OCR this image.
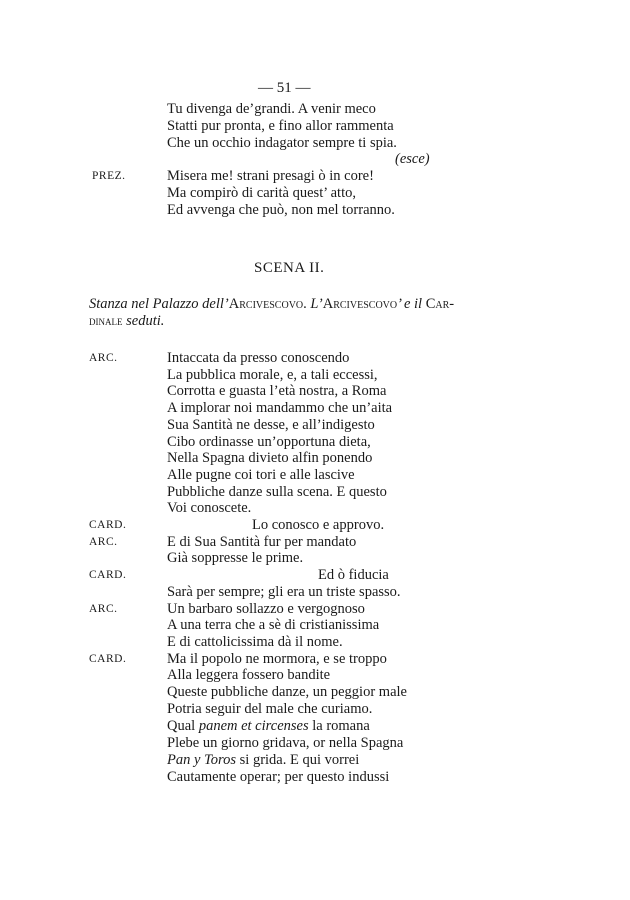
— 51 —
Tu divenga de’grandi. A venir meco
Statti pur pronta, e fino allor rammenta
Che un occhio indagator sempre ti spia.
(esce)
PREZ.	Misera me! strani presagi ò in core!
Ma compirò di carità quest’ atto,
Ed avvenga che può, non mel torranno.
SCENA II.
Stanza nel Palazzo dell’Arcivescovo. L’Arcivescovo’ e il Car-
dinale seduti.
ARC.	Intaccata da presso conoscendo
La pubblica morale, e, a tali eccessi,
Corrotta e guasta l’età nostra, a Roma
A implorar noi mandammo che un’aita
Sua Santità ne desse, e all’indigesto
Cibo ordinasse un’opportuna dieta,
Nella Spagna divieto alfin ponendo
Alle pugne coi tori e alle lascive
Pubbliche danze sulla scena. E questo
Voi conoscete.
CARD.	Lo conosco e approvo.
ARC.	E di Sua Santità fur per mandato
Già soppresse le prime.
CARD.	Ed ò fiducia
Sarà per sempre; gli era un triste spasso.
ARC.	Un barbaro sollazzo e vergognoso
A una terra che a sè di cristianissima
E di cattolicissima dà il nome.
CARD.	Ma il popolo ne mormora, e se troppo
Alla leggera fossero bandite
Queste pubbliche danze, un peggior male
Potria seguir del male che curiamo.
Qual panem et circenses la romana
Plebe un giorno gridava, or nella Spagna
Pan y Toros si grida. E qui vorrei
Cautamente operar; per questo indussi
